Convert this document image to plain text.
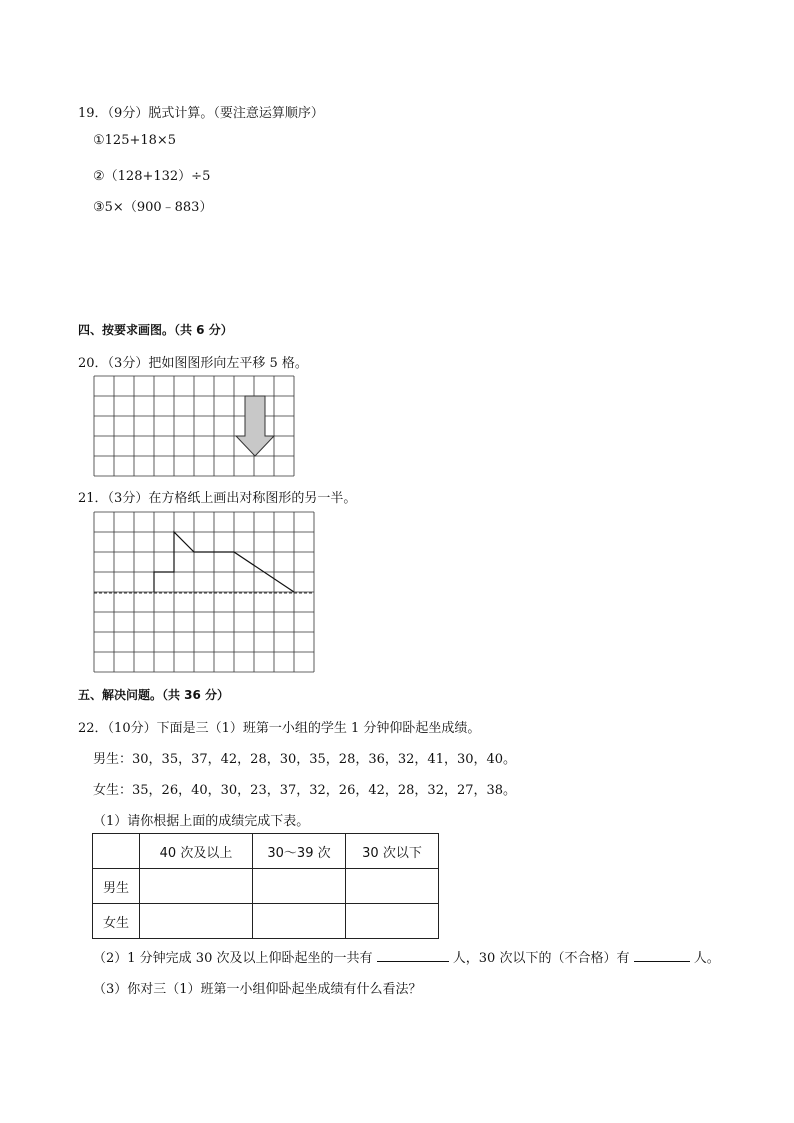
19．（9分）脱式计算。（要注意运算顺序）
①125+18×5
②（128+132）÷5
③5×（900﹣883）
四、按要求画图。（共 6 分）
20．（3分）把如图图形向左平移 5 格。
21．（3分）在方格纸上画出对称图形的另一半。
五、解决问题。（共 36 分）
22．（10分）下面是三（1）班第一小组的学生 1 分钟仰卧起坐成绩。
男生：30，35，37，42，28，30，35，28，36，32，41，30，40。
女生：35，26，40，30，23，37，32，26，42，28，32，27，38。
（1）请你根据上面的成绩完成下表。
	40 次及以上	30～39 次	30 次以下
男生			
女生			
（2）1 分钟完成 30 次及以上仰卧起坐的一共有	人，30 次以下的（不合格）有	人。
（3）你对三（1）班第一小组仰卧起坐成绩有什么看法？
